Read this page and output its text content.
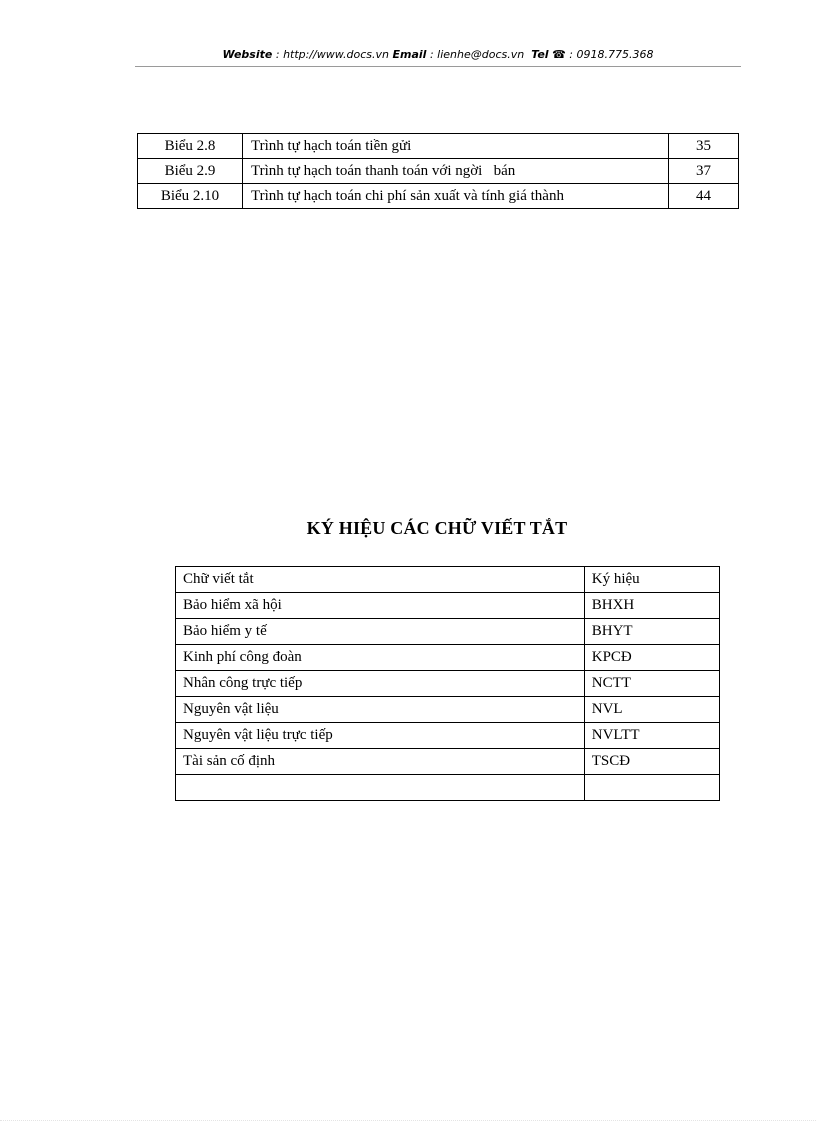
Website : http://www.docs.vn Email : lienhe@docs.vn Tel ☎ : 0918.775.368
Biểu 2.8	Trình tự hạch toán tiền gửi	35
Biểu 2.9	Trình tự hạch toán thanh toán với ngời   bán	37
Biểu 2.10	Trình tự hạch toán chi phí sản xuất và tính giá thành	44
KÝ HIỆU CÁC CHỮ VIẾT TẮT
Chữ viết tắt	Ký hiệu
Bảo hiểm xã hội	BHXH
Bảo hiểm y tế	BHYT
Kinh phí công đoàn	KPCĐ
Nhân công trực tiếp	NCTT
Nguyên vật liệu	NVL
Nguyên vật liệu trực tiếp	NVLTT
Tài sản cố định	TSCĐ
